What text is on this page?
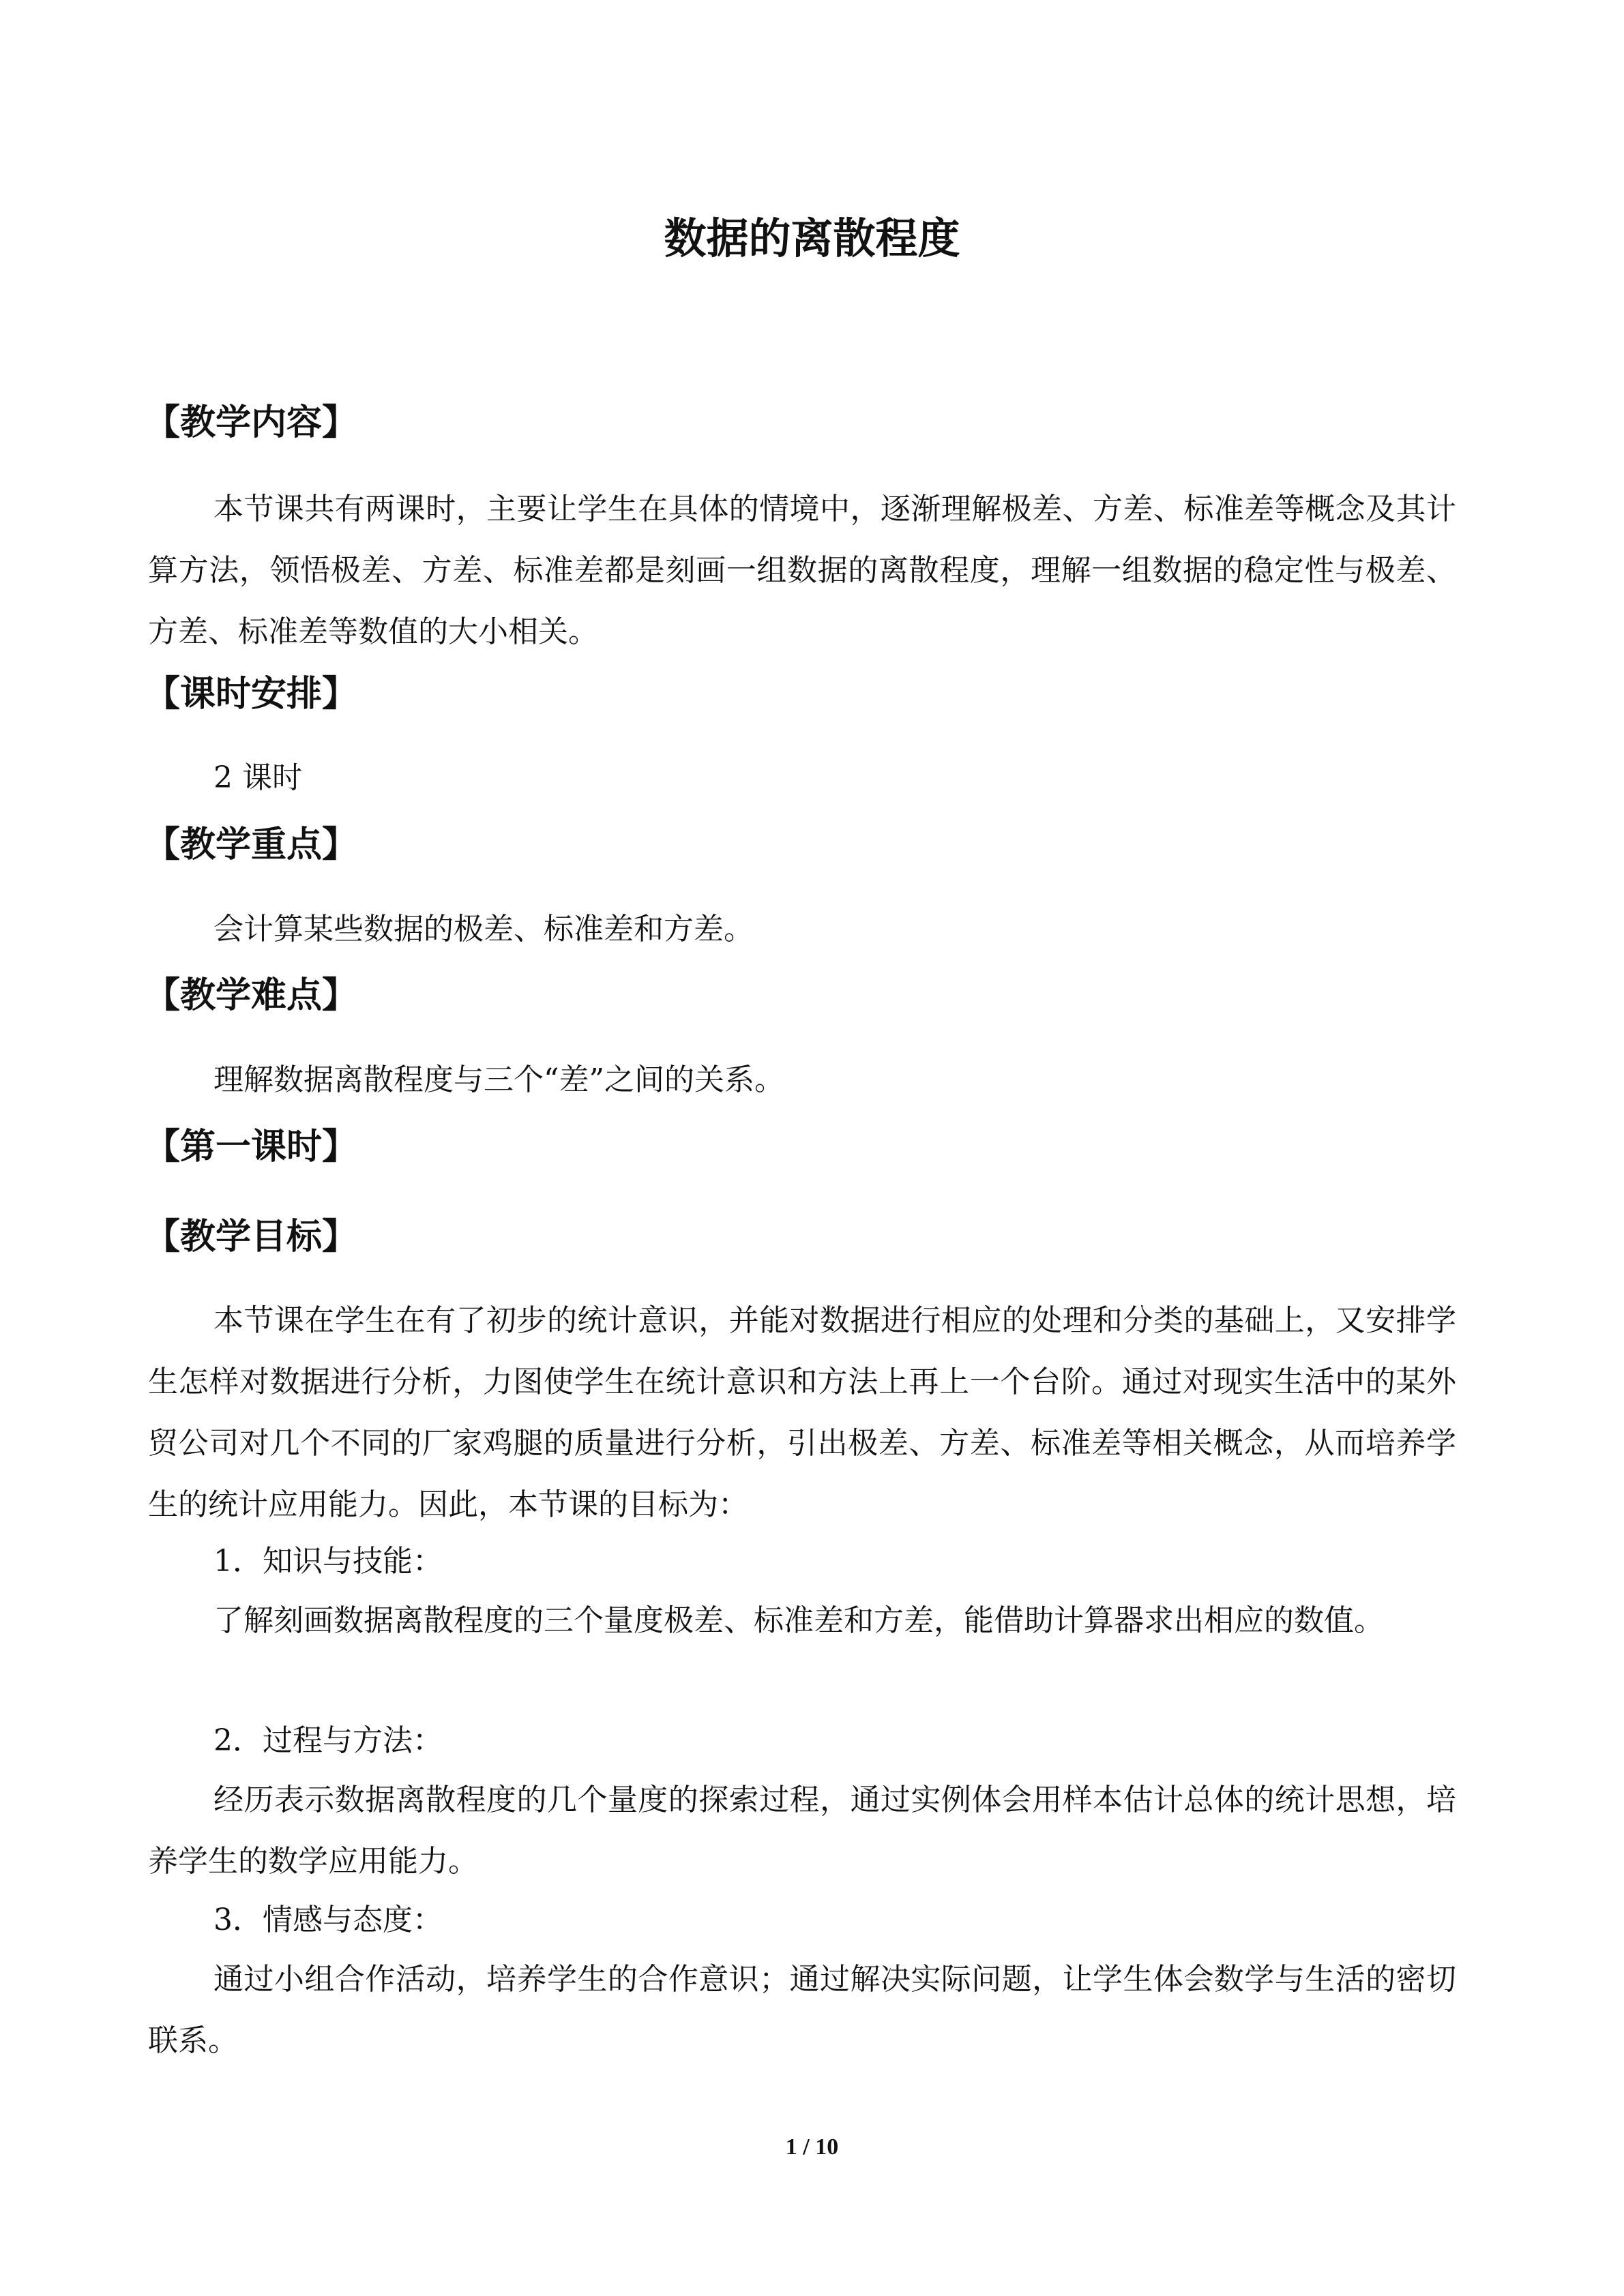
数据的离散程度
【教学内容】

本节课共有两课时，主要让学生在具体的情境中，逐渐理解极差、方差、标准差等概念及其计算方法，领悟极差、方差、标准差都是刻画一组数据的离散程度，理解一组数据的稳定性与极差、方差、标准差等数值的大小相关。

【课时安排】

2 课时

【教学重点】

会计算某些数据的极差、标准差和方差。

【教学难点】

理解数据离散程度与三个“差”之间的关系。

【第一课时】
【教学目标】

本节课在学生在有了初步的统计意识，并能对数据进行相应的处理和分类的基础上，又安排学生怎样对数据进行分析，力图使学生在统计意识和方法上再上一个台阶。通过对现实生活中的某外贸公司对几个不同的厂家鸡腿的质量进行分析，引出极差、方差、标准差等相关概念，从而培养学生的统计应用能力。因此，本节课的目标为：

1．知识与技能：

了解刻画数据离散程度的三个量度极差、标准差和方差，能借助计算器求出相应的数值。

2．过程与方法：

经历表示数据离散程度的几个量度的探索过程，通过实例体会用样本估计总体的统计思想，培养学生的数学应用能力。

3．情感与态度：

通过小组合作活动，培养学生的合作意识；通过解决实际问题，让学生体会数学与生活的密切联系。

1 / 10
